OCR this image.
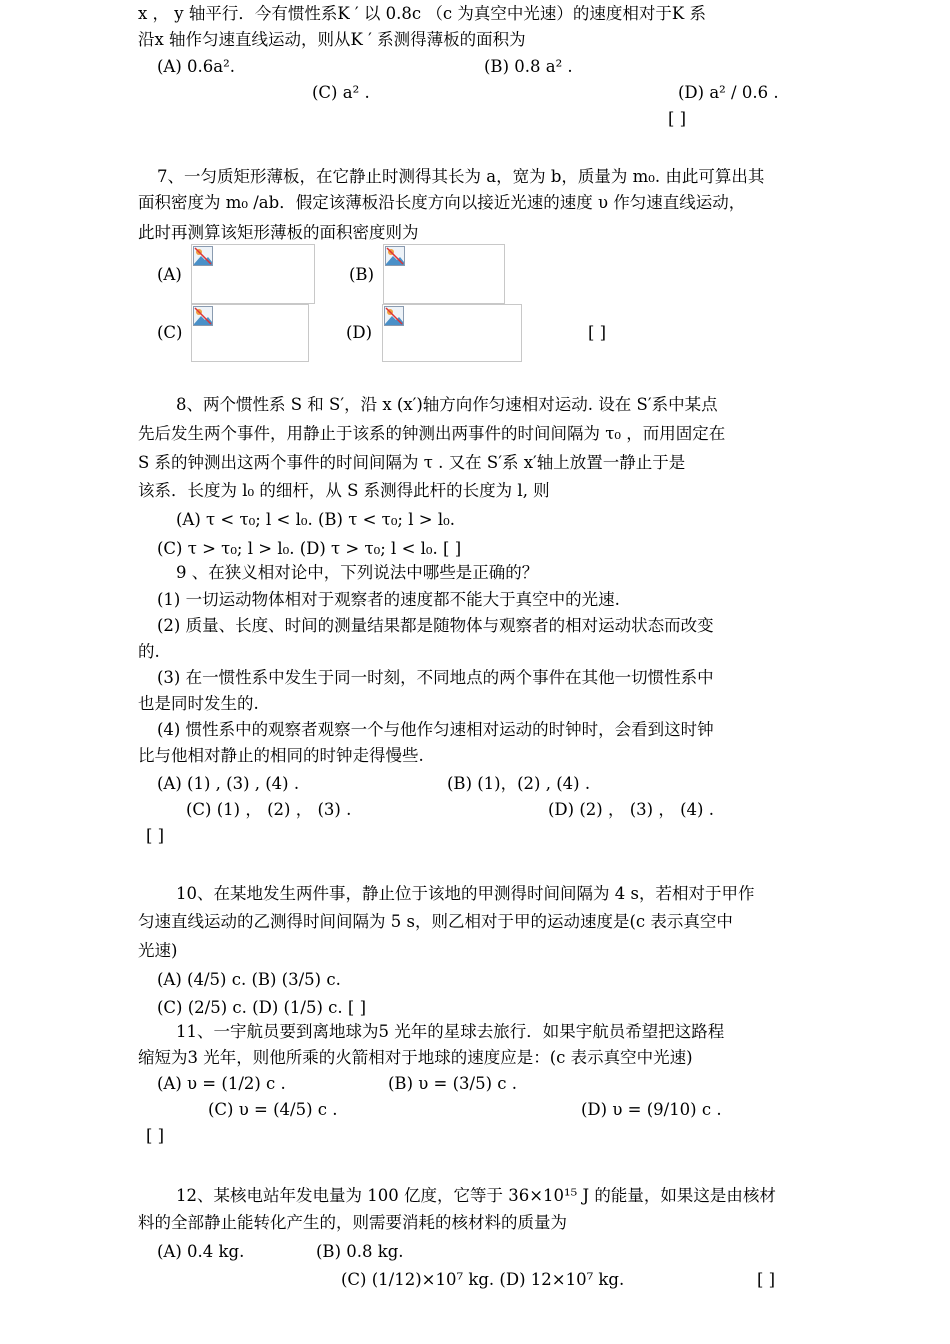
x ， y 轴平行．今有惯性系K ′ 以 0.8c （c 为真空中光速）的速度相对于K 系
沿x 轴作匀速直线运动，则从K ′ 系测得薄板的面积为
(A) 0.6a².	(B) 0.8 a² .
(C) a² .	(D) a² / 0.6 .
[ ]
7、一匀质矩形薄板，在它静止时测得其长为 a，宽为 b，质量为 m₀. 由此可算出其
面积密度为 m₀ /ab．假定该薄板沿长度方向以接近光速的速度 υ 作匀速直线运动，
此时再测算该矩形薄板的面积密度则为
(A)	(B)
(C)	(D)	[ ]
8、两个惯性系 S 和 S′，沿 x (x′)轴方向作匀速相对运动. 设在 S′系中某点
先后发生两个事件，用静止于该系的钟测出两事件的时间间隔为 τ₀ ，而用固定在
S 系的钟测出这两个事件的时间间隔为 τ . 又在 S′系 x′轴上放置一静止于是
该系．长度为 l₀ 的细杆，从 S 系测得此杆的长度为 l, 则
(A) τ < τ₀; l < l₀. (B) τ < τ₀; l > l₀.
(C) τ > τ₀; l > l₀. (D) τ > τ₀; l < l₀. [ ]
9 、在狭义相对论中，下列说法中哪些是正确的？
(1) 一切运动物体相对于观察者的速度都不能大于真空中的光速.
(2) 质量、长度、时间的测量结果都是随物体与观察者的相对运动状态而改变
的.
(3) 在一惯性系中发生于同一时刻，不同地点的两个事件在其他一切惯性系中
也是同时发生的.
(4) 惯性系中的观察者观察一个与他作匀速相对运动的时钟时，会看到这时钟
比与他相对静止的相同的时钟走得慢些.
(A) (1) , (3) , (4) .	(B) (1)，(2) , (4) .
(C) (1) ， (2) ， (3) .	(D) (2) ， (3) ， (4) .
[ ]
10、在某地发生两件事，静止位于该地的甲测得时间间隔为 4 s，若相对于甲作
匀速直线运动的乙测得时间间隔为 5 s，则乙相对于甲的运动速度是(c 表示真空中
光速)
(A) (4/5) c. (B) (3/5) c.
(C) (2/5) c. (D) (1/5) c. [ ]
11、一宇航员要到离地球为5 光年的星球去旅行．如果宇航员希望把这路程
缩短为3 光年，则他所乘的火箭相对于地球的速度应是：(c 表示真空中光速)
(A) υ = (1/2) c .	(B) υ = (3/5) c .
(C) υ = (4/5) c .	(D) υ = (9/10) c .
[ ]
12、某核电站年发电量为 100 亿度，它等于 36×10¹⁵ J 的能量，如果这是由核材
料的全部静止能转化产生的，则需要消耗的核材料的质量为
(A) 0.4 kg.	(B) 0.8 kg.
(C) (1/12)×10⁷ kg. (D) 12×10⁷ kg.	[ ]
